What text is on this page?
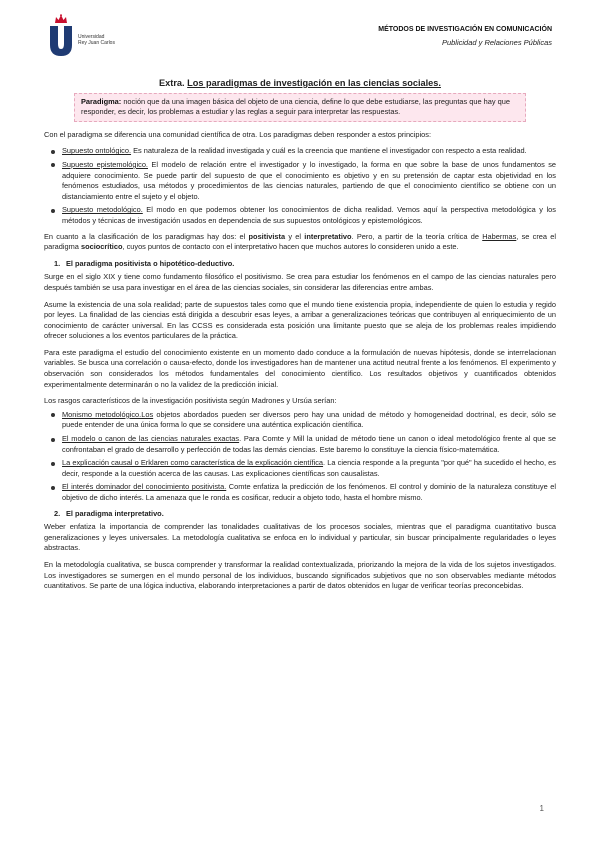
Universidad
Rey Juan Carlos
MÉTODOS DE INVESTIGACIÓN EN COMUNICACIÓN
Publicidad y Relaciones Públicas
Extra. Los paradigmas de investigación en las ciencias sociales.
Paradigma: noción que da una imagen básica del objeto de una ciencia, define lo que debe estudiarse, las preguntas que hay que responder, es decir, los problemas a estudiar y las reglas a seguir para interpretar las respuestas.

Con el paradigma se diferencia una comunidad científica de otra. Los paradigmas deben responder a estos principios:

Supuesto ontológico. Es naturaleza de la realidad investigada y cuál es la creencia que mantiene el investigador con respecto a esta realidad.
Supuesto epistemológico. El modelo de relación entre el investigador y lo investigado, la forma en que sobre la base de unos fundamentos se adquiere conocimiento. Se puede partir del supuesto de que el conocimiento es objetivo y en su pretensión de captar esta objetividad en los fenómenos estudiados, usa métodos y procedimientos de las ciencias naturales, partiendo de que el conocimiento científico se obtiene con un distanciamiento entre el sujeto y el objeto.
Supuesto metodológico. El modo en que podemos obtener los conocimientos de dicha realidad. Vemos aquí la perspectiva metodológica y los métodos y técnicas de investigación usados en dependencia de sus supuestos ontológicos y epistemológicos.

En cuanto a la clasificación de los paradigmas hay dos: el positivista y el interpretativo. Pero, a partir de la teoría crítica de Habermas, se crea el paradigma sociocrítico, cuyos puntos de contacto con el interpretativo hacen que muchos autores lo consideren unido a este.

1. El paradigma positivista o hipotético-deductivo.

Surge en el siglo XIX y tiene como fundamento filosófico el positivismo. Se crea para estudiar los fenómenos en el campo de las ciencias naturales pero después también se usa para investigar en el área de las ciencias sociales, sin considerar las diferencias entre ambas.

Asume la existencia de una sola realidad; parte de supuestos tales como que el mundo tiene existencia propia, independiente de quien lo estudia y regido por leyes. La finalidad de las ciencias está dirigida a descubrir esas leyes, a arribar a generalizaciones teóricas que contribuyen al enriquecimiento de un conocimiento de carácter universal. En las CCSS es considerada esta posición una limitante puesto que se aleja de los problemas reales impidiendo ofrecer soluciones a los eventos particulares de la práctica.

Para este paradigma el estudio del conocimiento existente en un momento dado conduce a la formulación de nuevas hipótesis, donde se interrelacionan variables. Se busca una correlación o causa-efecto, donde los investigadores han de mantener una actitud neutral frente a los fenómenos. El experimento y observación son considerados los métodos fundamentales del conocimiento científico. Los resultados objetivos y cuantificados obtenidos experimentalmente determinarán o no la validez de la predicción inicial.

Los rasgos característicos de la investigación positivista según Madrones y Ursúa serían:

Monismo metodológico.Los objetos abordados pueden ser diversos pero hay una unidad de método y homogeneidad doctrinal, es decir, sólo se puede entender de una única forma lo que se considere una auténtica explicación científica.
El modelo o canon de las ciencias naturales exactas. Para Comte y Mill la unidad de método tiene un canon o ideal metodológico frente al que se confrontaban el grado de desarrollo y perfección de todas las demás ciencias. Este baremo lo constituye la ciencia físico-matemática.
La explicación causal o Erklaren como característica de la explicación científica. La ciencia responde a la pregunta "por qué" ha sucedido el hecho, es decir, responde a la cuestión acerca de las causas. Las explicaciones científicas son causalistas.
El interés dominador del conocimiento positivista. Comte enfatiza la predicción de los fenómenos. El control y dominio de la naturaleza constituye el objetivo de dicho interés. La amenaza que le ronda es cosificar, reducir a objeto todo, hasta el hombre mismo.
2. El paradigma interpretativo.

Weber enfatiza la importancia de comprender las tonalidades cualitativas de los procesos sociales, mientras que el paradigma cuantitativo busca generalizaciones y leyes universales. La metodología cualitativa se enfoca en lo individual y particular, sin buscar principalmente regularidades o leyes abstractas.

En la metodología cualitativa, se busca comprender y transformar la realidad contextualizada, priorizando la mejora de la vida de los sujetos investigados. Los investigadores se sumergen en el mundo personal de los individuos, buscando significados subjetivos que no son observables mediante métodos cuantitativos. Se parte de una lógica inductiva, elaborando interpretaciones a partir de datos obtenidos en lugar de verificar teorías preconcebidas.

1
